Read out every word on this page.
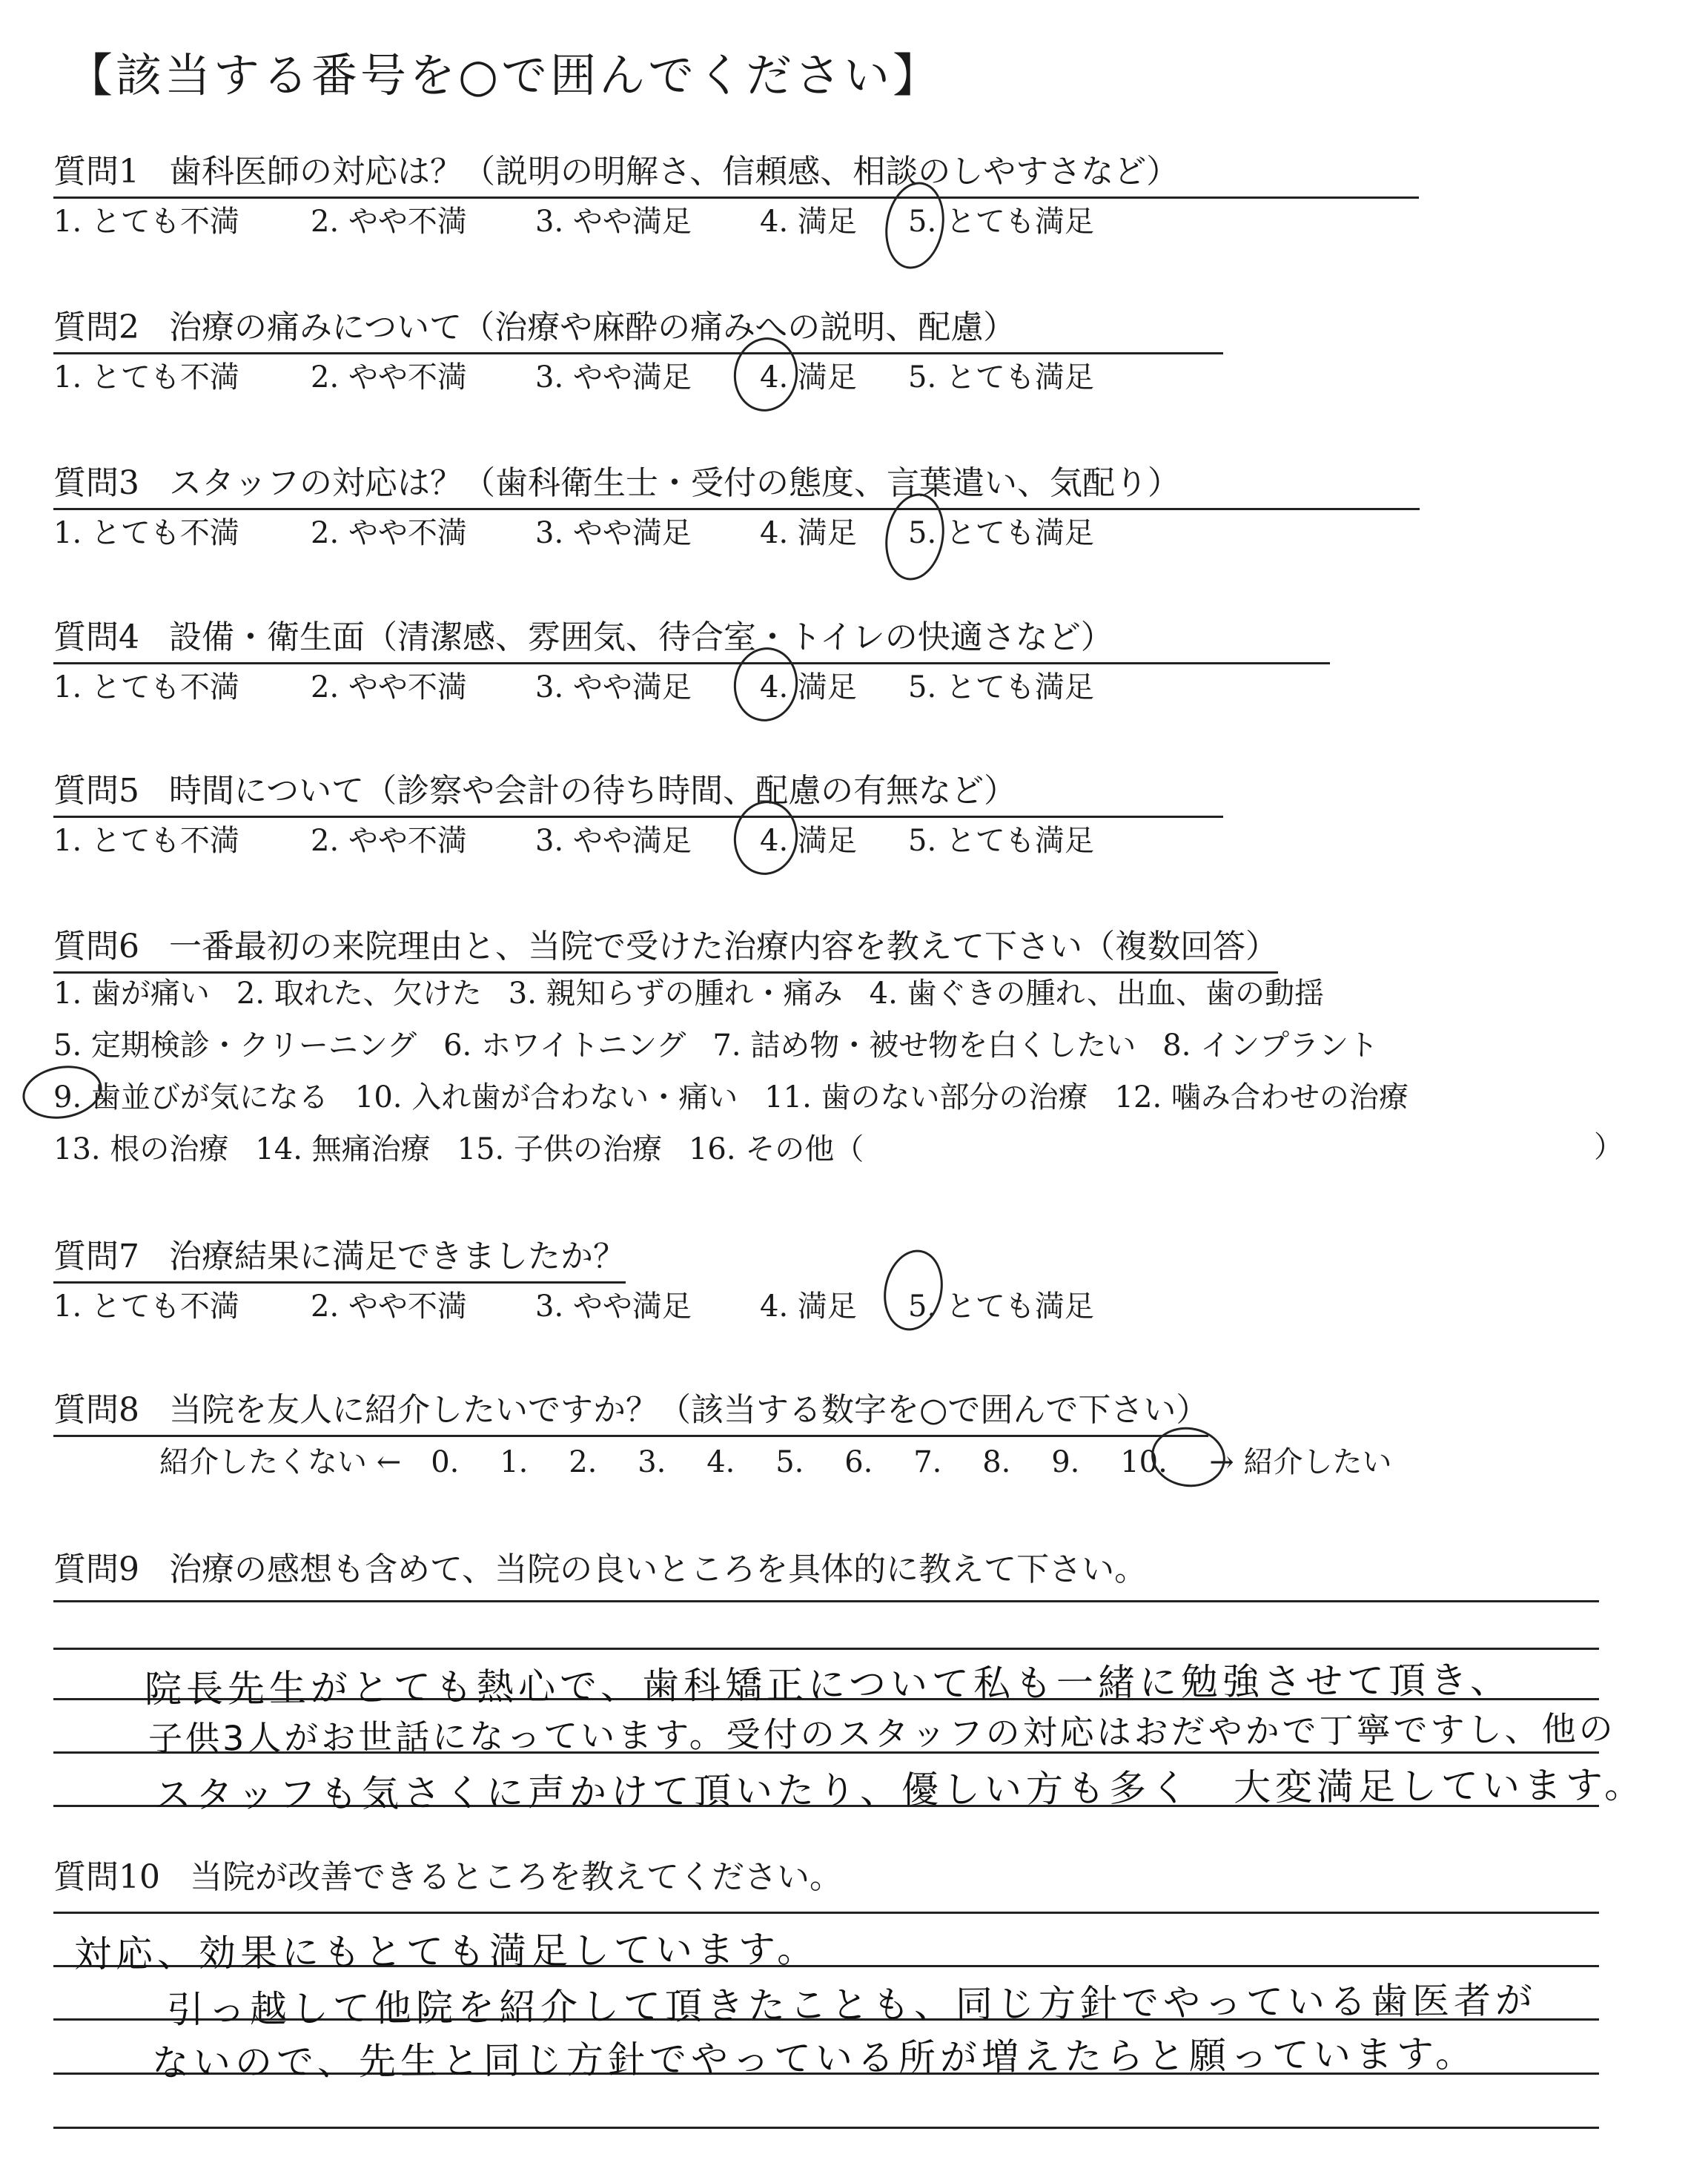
【該当する番号を○で囲んでください】
質問1 歯科医師の対応は？（説明の明解さ、信頼感、相談のしやすさなど）
1. とても不満 2. やや不満 3. やや満足 4. 満足 5. とても満足
質問2 治療の痛みについて（治療や麻酔の痛みへの説明、配慮）
1. とても不満 2. やや不満 3. やや満足 4. 満足 5. とても満足
質問3 スタッフの対応は？（歯科衛生士・受付の態度、言葉遣い、気配り）
1. とても不満 2. やや不満 3. やや満足 4. 満足 5. とても満足
質問4 設備・衛生面（清潔感、雰囲気、待合室・トイレの快適さなど）
1. とても不満 2. やや不満 3. やや満足 4. 満足 5. とても満足
質問5 時間について（診察や会計の待ち時間、配慮の有無など）
1. とても不満 2. やや不満 3. やや満足 4. 満足 5. とても満足
質問6 一番最初の来院理由と、当院で受けた治療内容を教えて下さい（複数回答）
1. 歯が痛い 2. 取れた、欠けた 3. 親知らずの腫れ・痛み 4. 歯ぐきの腫れ、出血、歯の動揺
5. 定期検診・クリーニング 6. ホワイトニング 7. 詰め物・被せ物を白くしたい 8. インプラント
9. 歯並びが気になる 10. 入れ歯が合わない・痛い 11. 歯のない部分の治療 12. 噛み合わせの治療
13. 根の治療 14. 無痛治療 15. 子供の治療 16. その他（	）
質問7 治療結果に満足できましたか？
1. とても不満 2. やや不満 3. やや満足 4. 満足 5. とても満足
質問8 当院を友人に紹介したいですか？（該当する数字を○で囲んで下さい）
紹介したくない ← 0. 1. 2. 3. 4. 5. 6. 7. 8. 9. 10. → 紹介したい
質問9 治療の感想も含めて、当院の良いところを具体的に教えて下さい。
院長先生がとても熱心で、歯科矯正について私も一緒に勉強させて頂き、
子供3人がお世話になっています。受付のスタッフの対応はおだやかで丁寧ですし、他の
スタッフも気さくに声かけて頂いたり、優しい方も多く　大変満足しています。
質問10 当院が改善できるところを教えてください。
対応、効果にもとても満足しています。
引っ越して他院を紹介して頂きたことも、同じ方針でやっている歯医者が
ないので、先生と同じ方針でやっている所が増えたらと願っています。
